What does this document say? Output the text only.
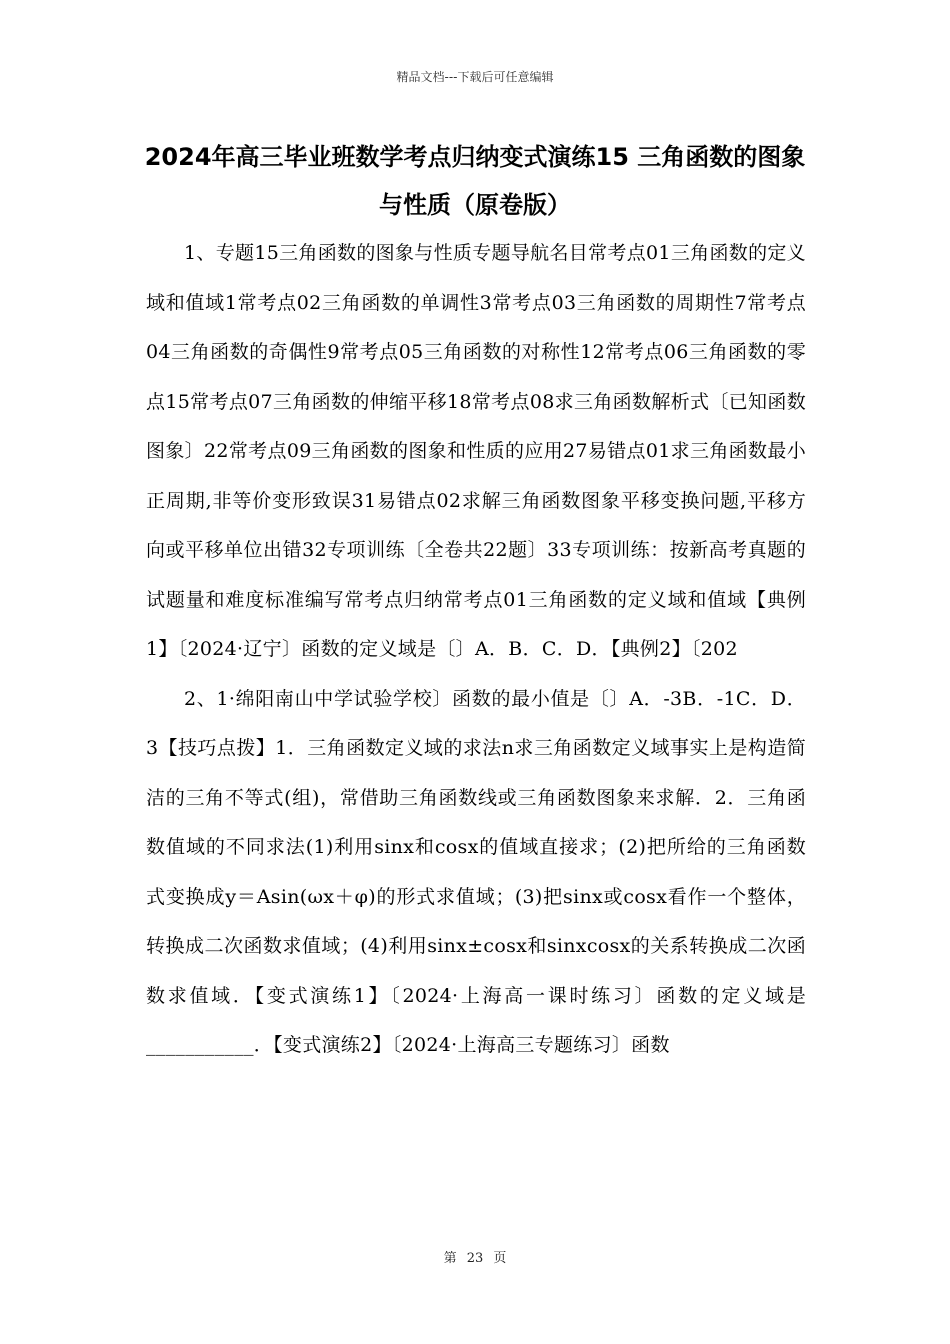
精品文档---下载后可任意编辑
2024年高三毕业班数学考点归纳变式演练15 三角函数的图象与性质（原卷版）

1、专题15三角函数的图象与性质专题导航名目常考点01三角函数的定义域和值域1常考点02三角函数的单调性3常考点03三角函数的周期性7常考点04三角函数的奇偶性9常考点05三角函数的对称性12常考点06三角函数的零点15常考点07三角函数的伸缩平移18常考点08求三角函数解析式〔已知函数图象〕22常考点09三角函数的图象和性质的应用27易错点01求三角函数最小正周期,非等价变形致误31易错点02求解三角函数图象平移变换问题,平移方向或平移单位出错32专项训练〔全卷共22题〕33专项训练：按新高考真题的试题量和难度标准编写常考点归纳常考点01三角函数的定义域和值域【典例1】〔2024·辽宁〕函数的定义域是〔〕A．B．C．D．【典例2】〔202

2、1·绵阳南山中学试验学校〕函数的最小值是〔〕A．-3B．-1C．D．3【技巧点拨】1．三角函数定义域的求法n求三角函数定义域事实上是构造简洁的三角不等式(组)，常借助三角函数线或三角函数图象来求解．2．三角函数值域的不同求法(1)利用sinx和cosx的值域直接求；(2)把所给的三角函数式变换成y＝Asin(ωx＋φ)的形式求值域；(3)把sinx或cosx看作一个整体，转换成二次函数求值域；(4)利用sinx±cosx和sinxcosx的关系转换成二次函数求值域．【变式演练1】〔2024·上海高一课时练习〕函数的定义域是___________．【变式演练2】〔2024·上海高三专题练习〕函数

第 23 页
